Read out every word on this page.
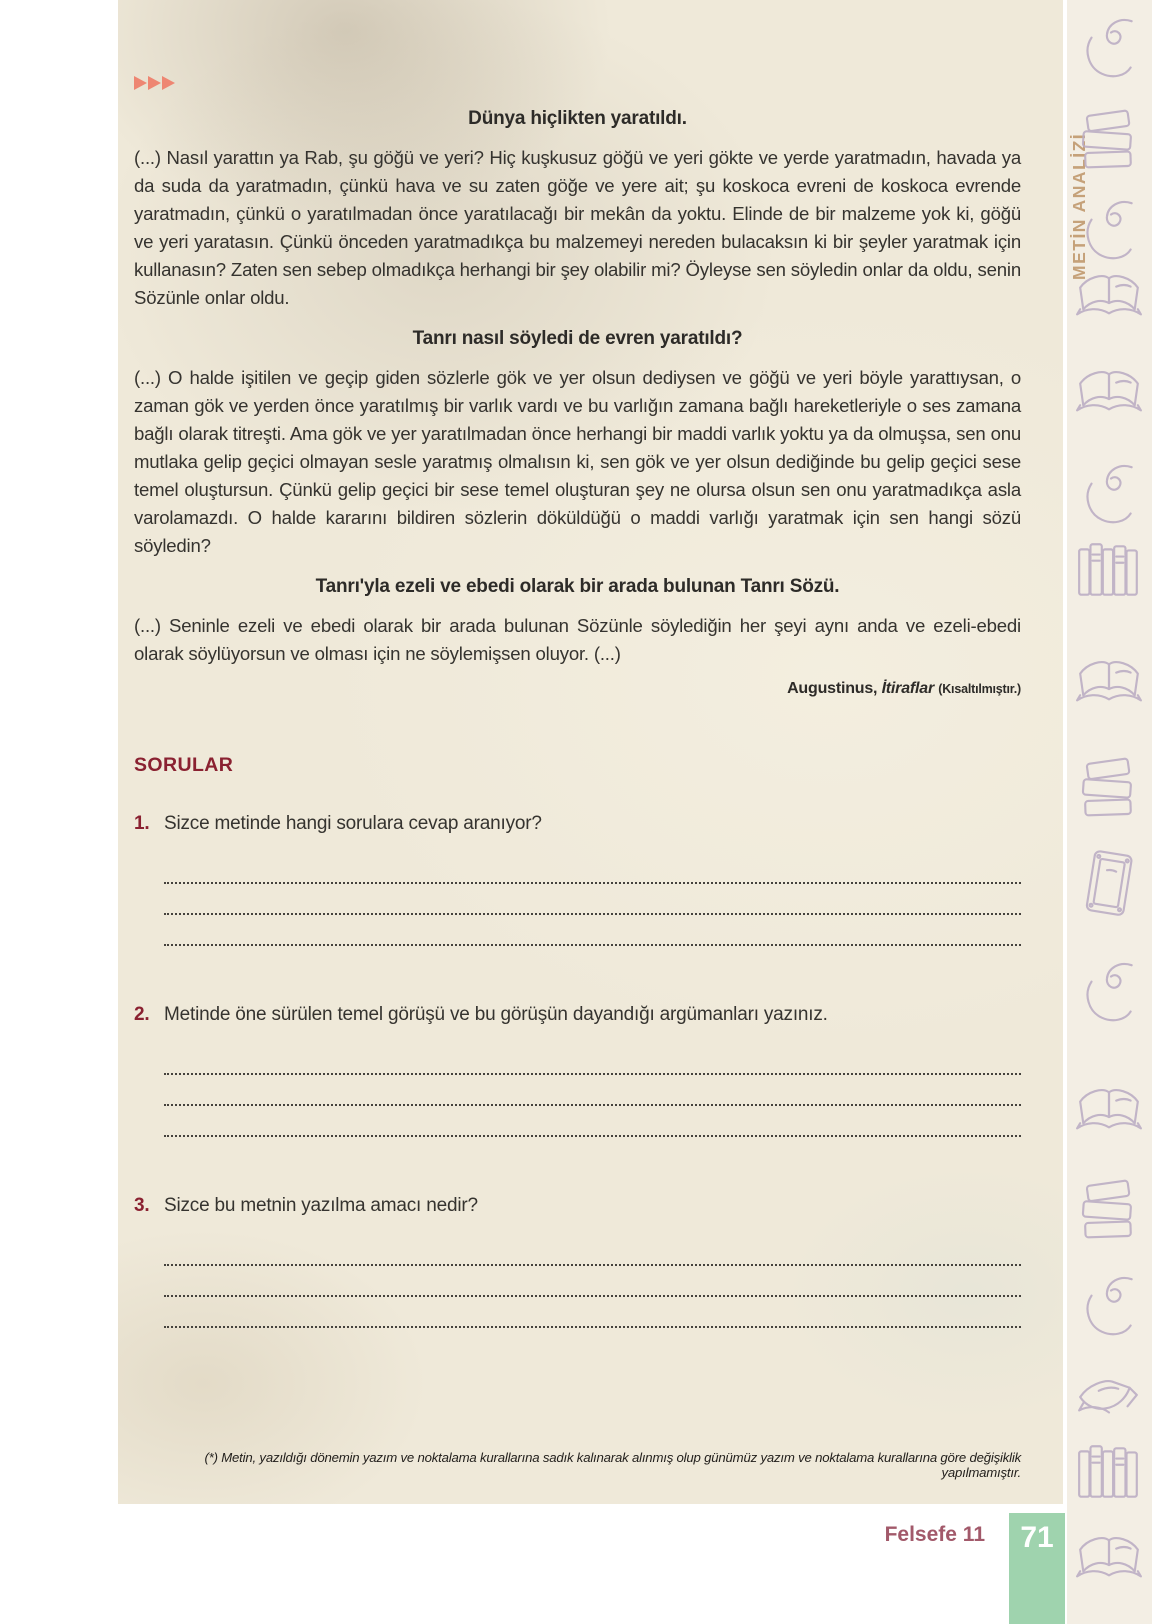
Dünya hiçlikten yaratıldı.

(...) Nasıl yarattın ya Rab, şu göğü ve yeri? Hiç kuşkusuz göğü ve yeri gökte ve yerde yaratmadın, havada ya da suda da yaratmadın, çünkü hava ve su zaten göğe ve yere ait; şu koskoca evreni de koskoca evrende yaratmadın, çünkü o yaratılmadan önce yaratılacağı bir mekân da yoktu. Elinde de bir malzeme yok ki, göğü ve yeri yaratasın. Çünkü önceden yaratmadıkça bu malzemeyi nereden bulacaksın ki bir şeyler yaratmak için kullanasın? Zaten sen sebep olmadıkça herhangi bir şey olabilir mi? Öyleyse sen söyledin onlar da oldu, senin Sözünle onlar oldu.

Tanrı nasıl söyledi de evren yaratıldı?

(...) O halde işitilen ve geçip giden sözlerle gök ve yer olsun dediysen ve göğü ve yeri böyle yarattıysan, o zaman gök ve yerden önce yaratılmış bir varlık vardı ve bu varlığın zamana bağlı hareketleriyle o ses zamana bağlı olarak titreşti. Ama gök ve yer yaratılmadan önce herhangi bir maddi varlık yoktu ya da olmuşsa, sen onu mutlaka gelip geçici olmayan sesle yaratmış olmalısın ki, sen gök ve yer olsun dediğinde bu gelip geçici sese temel oluştursun. Çünkü gelip geçici bir sese temel oluşturan şey ne olursa olsun sen onu yaratmadıkça asla varolamazdı. O halde kararını bildiren sözlerin döküldüğü o maddi varlığı yaratmak için sen hangi sözü söyledin?

Tanrı'yla ezeli ve ebedi olarak bir arada bulunan Tanrı Sözü.

(...) Seninle ezeli ve ebedi olarak bir arada bulunan Sözünle söylediğin her şeyi aynı anda ve ezeli-ebedi olarak söylüyorsun ve olması için ne söylemişsen oluyor. (...)

Augustinus, İtiraflar (Kısaltılmıştır.)
SORULAR
1. Sizce metinde hangi sorulara cevap aranıyor?
2. Metinde öne sürülen temel görüşü ve bu görüşün dayandığı argümanları yazınız.
3. Sizce bu metnin yazılma amacı nedir?
(*) Metin, yazıldığı dönemin yazım ve noktalama kurallarına sadık kalınarak alınmış olup günümüz yazım ve noktalama kurallarına göre değişiklik yapılmamıştır.
Felsefe 11 71
METİN ANALİZİ
